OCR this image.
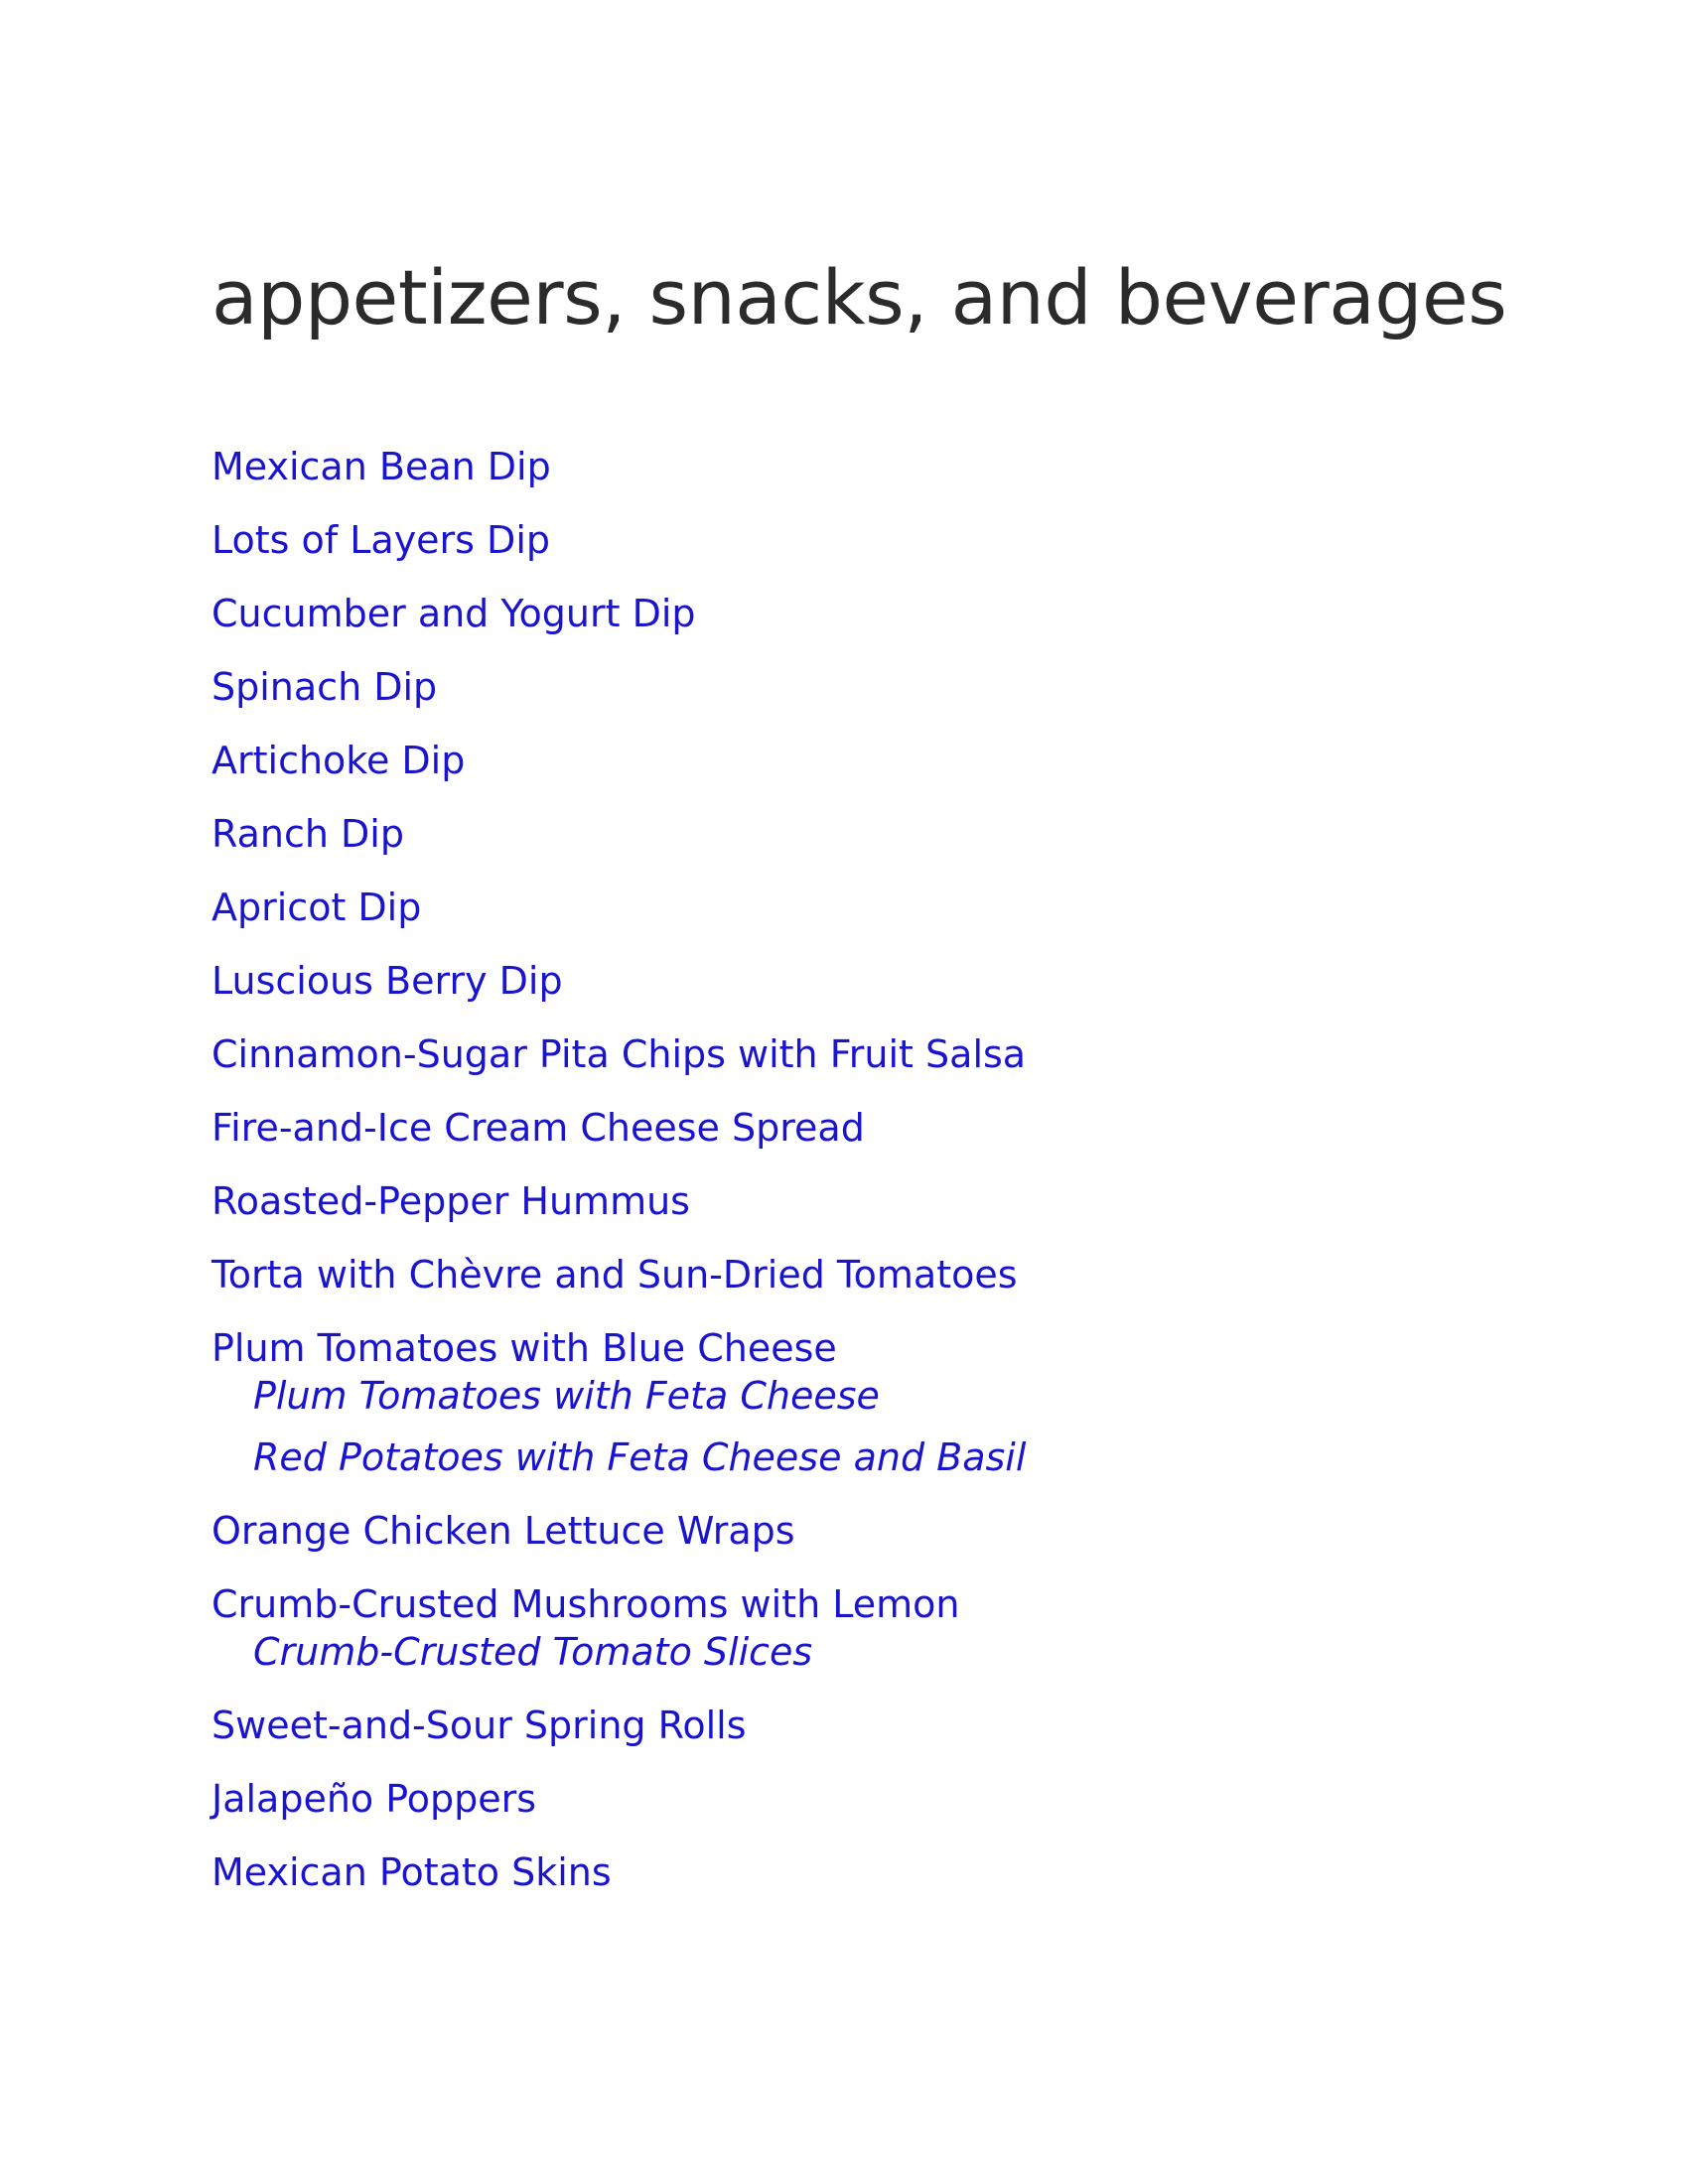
appetizers, snacks, and beverages
Mexican Bean Dip
Lots of Layers Dip
Cucumber and Yogurt Dip
Spinach Dip
Artichoke Dip
Ranch Dip
Apricot Dip
Luscious Berry Dip
Cinnamon-Sugar Pita Chips with Fruit Salsa
Fire-and-Ice Cream Cheese Spread
Roasted-Pepper Hummus
Torta with Chèvre and Sun-Dried Tomatoes
Plum Tomatoes with Blue Cheese
Plum Tomatoes with Feta Cheese
Red Potatoes with Feta Cheese and Basil
Orange Chicken Lettuce Wraps
Crumb-Crusted Mushrooms with Lemon
Crumb-Crusted Tomato Slices
Sweet-and-Sour Spring Rolls
Jalapeño Poppers
Mexican Potato Skins
